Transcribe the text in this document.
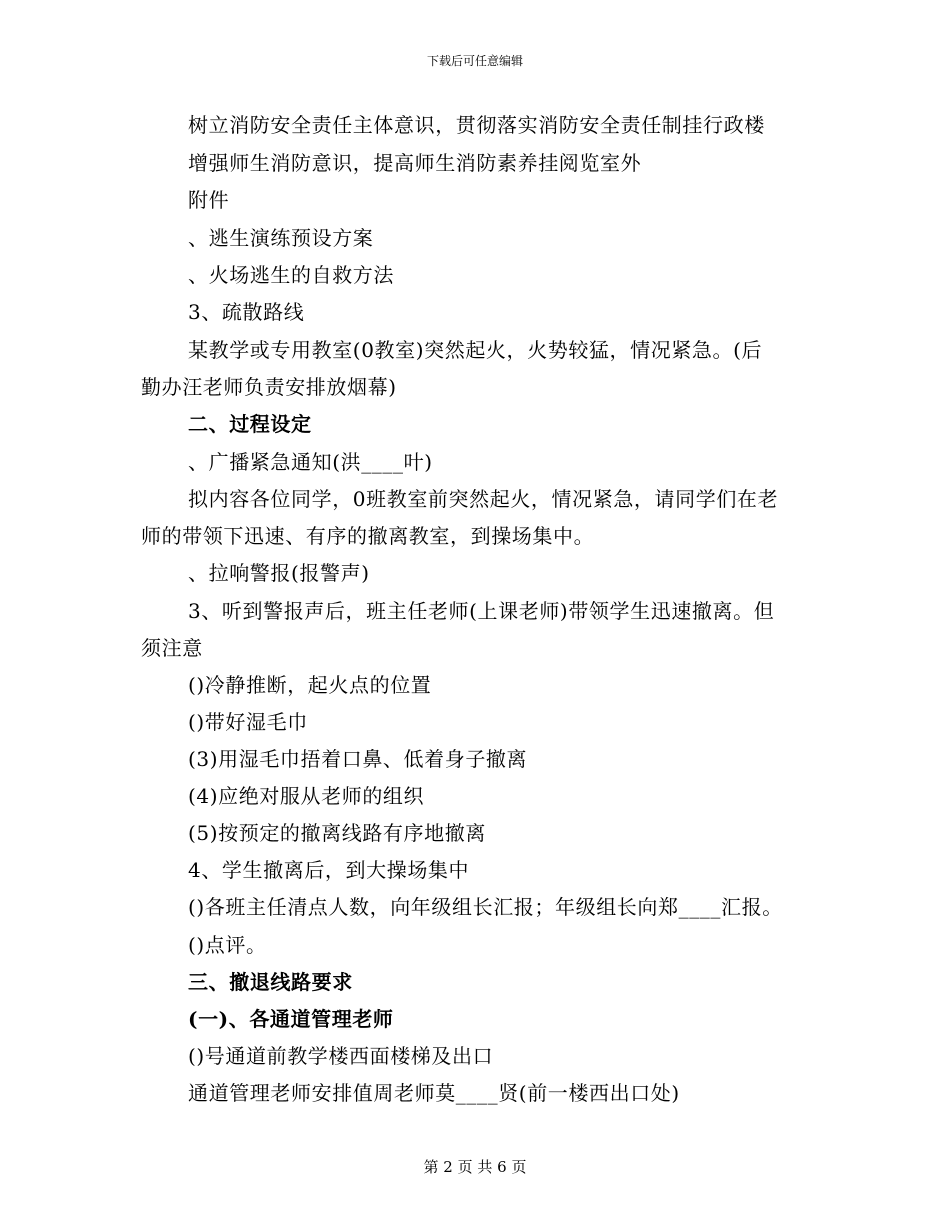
下载后可任意编辑
树立消防安全责任主体意识，贯彻落实消防安全责任制挂行政楼
增强师生消防意识，提高师生消防素养挂阅览室外
附件
、逃生演练预设方案
、火场逃生的自救方法
3、疏散路线
某教学或专用教室(0教室)突然起火，火势较猛，情况紧急。(后
勤办汪老师负责安排放烟幕)
二、过程设定
、广播紧急通知(洪____叶)
拟内容各位同学，0班教室前突然起火，情况紧急，请同学们在老
师的带领下迅速、有序的撤离教室，到操场集中。
、拉响警报(报警声)
3、听到警报声后，班主任老师(上课老师)带领学生迅速撤离。但
须注意
()冷静推断，起火点的位置
()带好湿毛巾
(3)用湿毛巾捂着口鼻、低着身子撤离
(4)应绝对服从老师的组织
(5)按预定的撤离线路有序地撤离
4、学生撤离后，到大操场集中
()各班主任清点人数，向年级组长汇报；年级组长向郑____汇报。
()点评。
三、撤退线路要求
(一)、各通道管理老师
()号通道前教学楼西面楼梯及出口
通道管理老师安排值周老师莫____贤(前一楼西出口处)
第 2 页 共 6 页
